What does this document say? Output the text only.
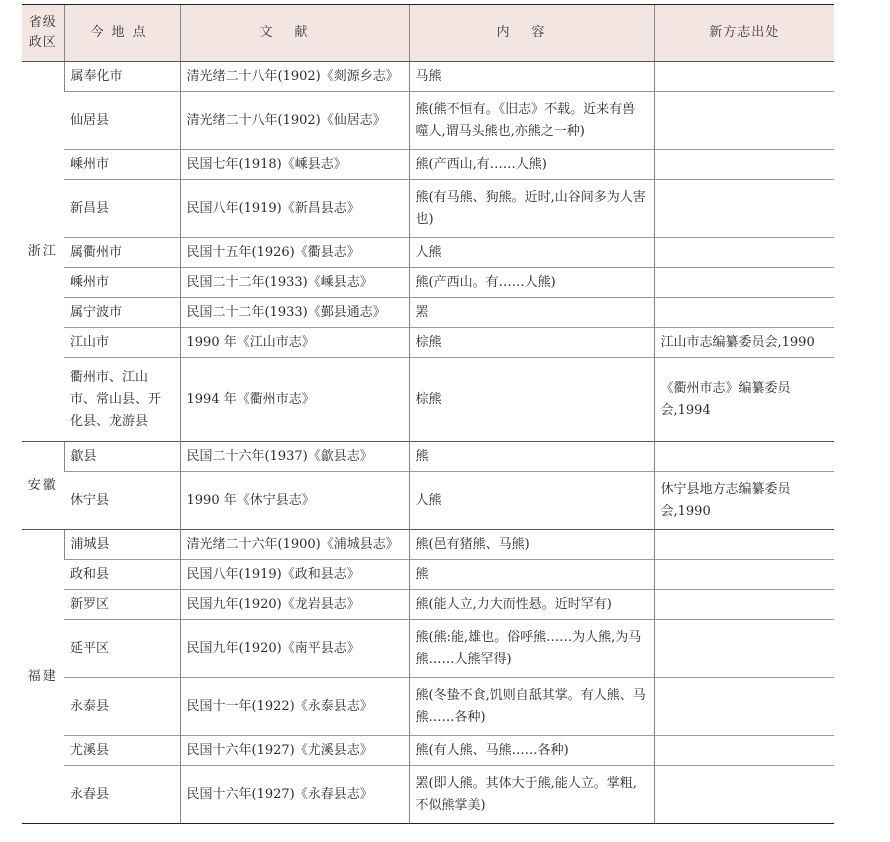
省级政区	今地点	文献	内容	新方志出处
浙江	属奉化市	清光绪二十八年(1902)《剡源乡志》	马熊	
	仙居县	清光绪二十八年(1902)《仙居志》	熊(熊不恒有。《旧志》不载。近来有兽噬人,谓马头熊也,亦熊之一种)	
	嵊州市	民国七年(1918)《嵊县志》	熊(产西山,有……人熊)	
	新昌县	民国八年(1919)《新昌县志》	熊(有马熊、狗熊。近时,山谷间多为人害也)	
	属衢州市	民国十五年(1926)《衢县志》	人熊	
	嵊州市	民国二十二年(1933)《嵊县志》	熊(产西山。有……人熊)	
	属宁波市	民国二十二年(1933)《鄞县通志》	罴	
	江山市	1990 年《江山市志》	棕熊	江山市志编纂委员会,1990
	衢州市、江山市、常山县、开化县、龙游县	1994 年《衢州市志》	棕熊	《衢州市志》编纂委员会,1994
安徽	歙县	民国二十六年(1937)《歙县志》	熊	
	休宁县	1990 年《休宁县志》	人熊	休宁县地方志编纂委员会,1990
福建	浦城县	清光绪二十六年(1900)《浦城县志》	熊(邑有猪熊、马熊)	
	政和县	民国八年(1919)《政和县志》	熊	
	新罗区	民国九年(1920)《龙岩县志》	熊(能人立,力大而性悬。近时罕有)	
	延平区	民国九年(1920)《南平县志》	熊(熊:能,雄也。俗呼熊……为人熊,为马熊……人熊罕得)	
	永泰县	民国十一年(1922)《永泰县志》	熊(冬蛰不食,饥则自舐其掌。有人熊、马熊……各种)	
	尤溪县	民国十六年(1927)《尤溪县志》	熊(有人熊、马熊……各种)	
	永春县	民国十六年(1927)《永春县志》	罴(即人熊。其体大于熊,能人立。掌粗,不似熊掌美)	
